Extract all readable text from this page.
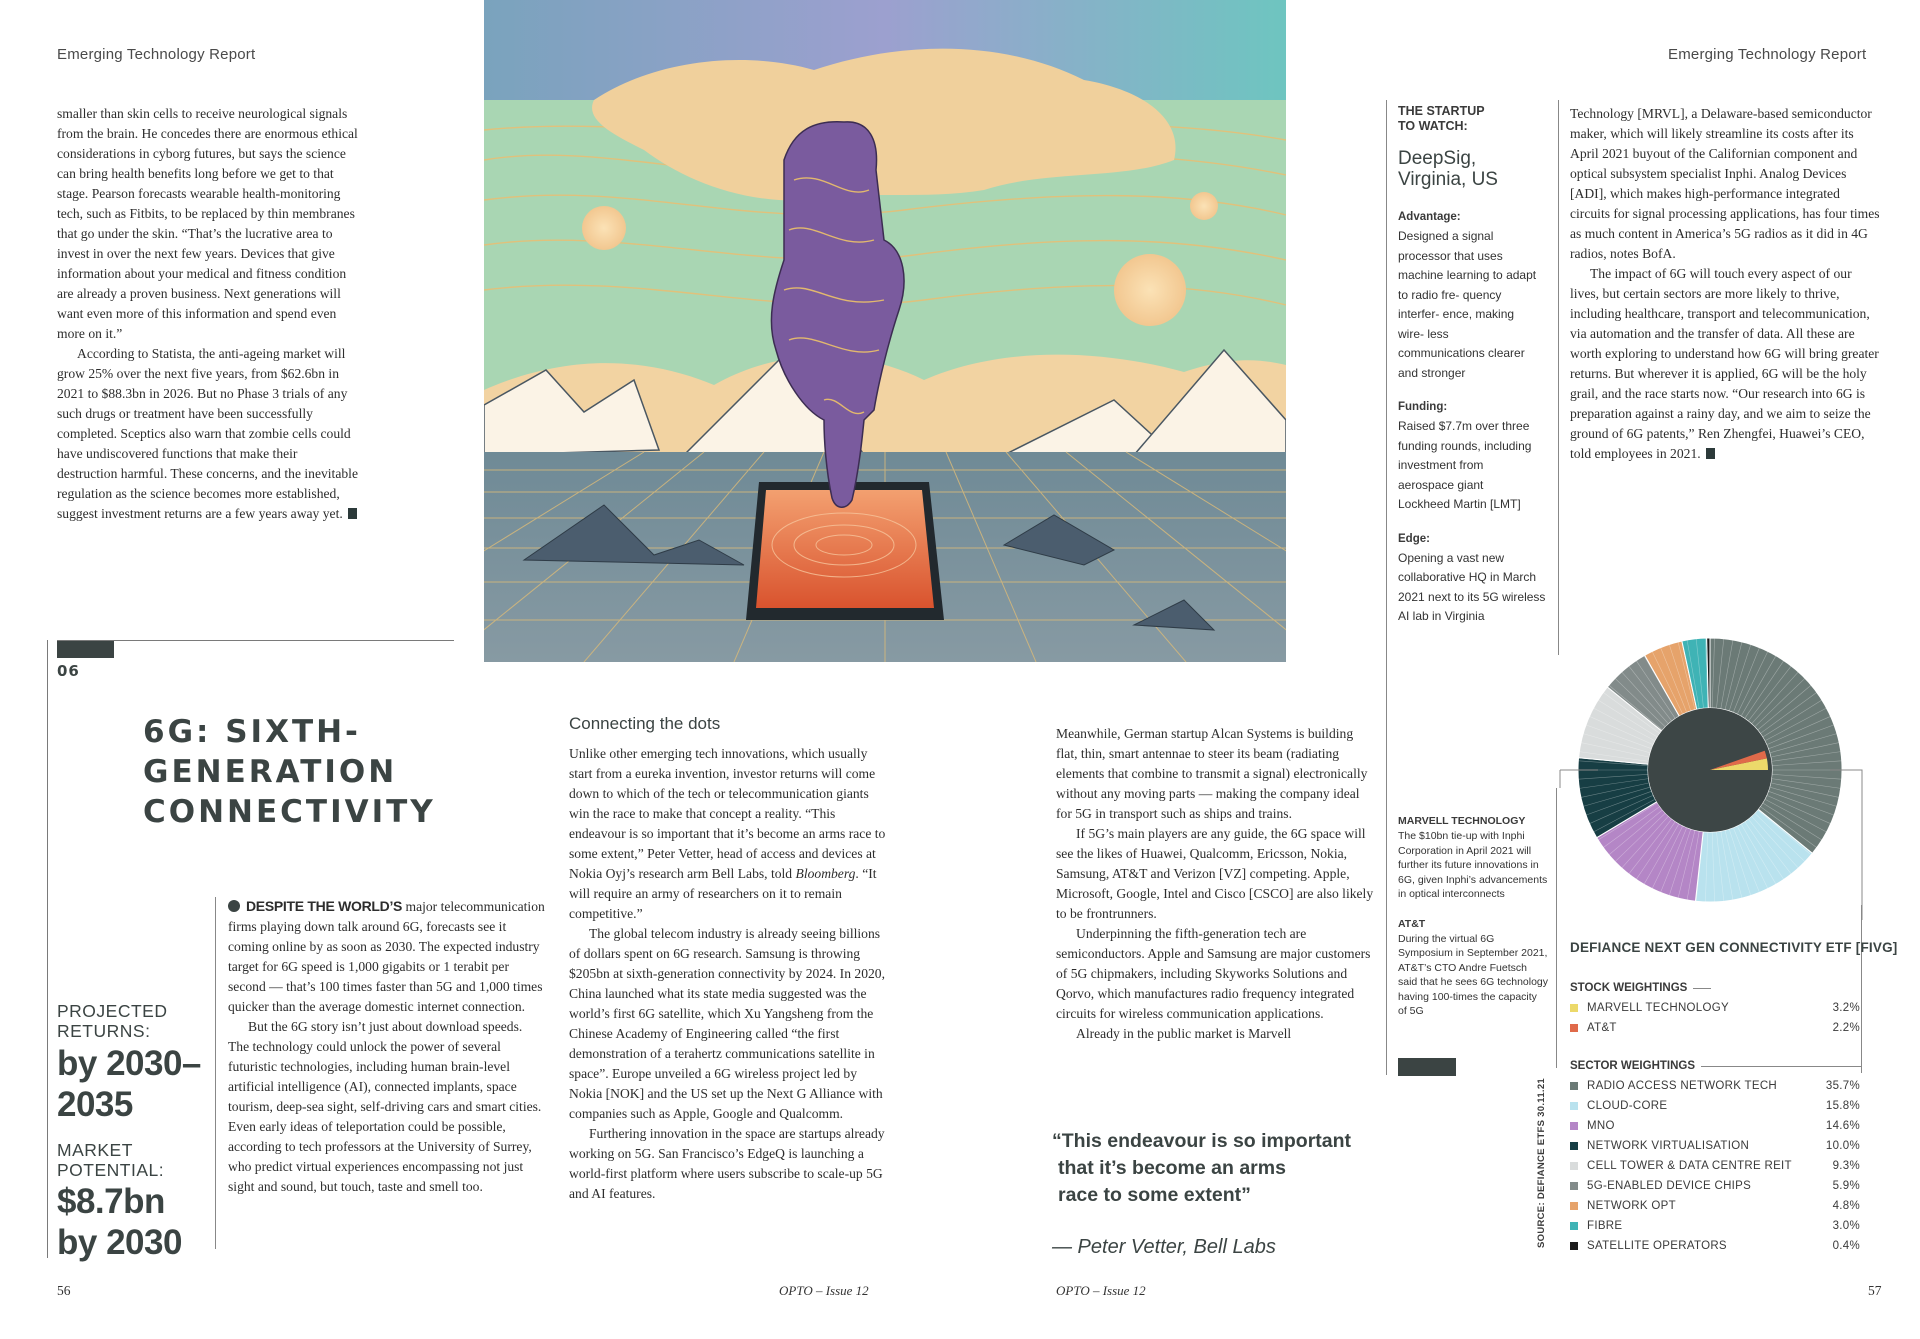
Emerging Technology Report	Emerging Technology Report

smaller than skin cells to receive neurological signals from the brain. He concedes there are enormous ethical considerations in cyborg futures, but says the science can bring health benefits long before we get to that stage. Pearson forecasts wearable health-monitoring tech, such as Fitbits, to be replaced by thin membranes that go under the skin. “That’s the lucrative area to invest in over the next few years. Devices that give information about your medical and fitness condition are already a proven business. Next generations will want even more of this information and spend even more on it.”

According to Statista, the anti-ageing market will grow 25% over the next five years, from $62.6bn in 2021 to $88.3bn in 2026. But no Phase 3 trials of any such drugs or treatment have been successfully completed. Sceptics also warn that zombie cells could have undiscovered functions that make their destruction harmful. These concerns, and the inevitable regulation as the science becomes more established, suggest investment returns are a few years away yet.

06
6G: SIXTH-
GENERATION
CONNECTIVITY
PROJECTED
RETURNS:
by 2030–
2035
MARKET
POTENTIAL:
$8.7bn
by 2030

DESPITE THE WORLD’S major telecommunication firms playing down talk around 6G, forecasts see it coming online by as soon as 2030. The expected industry target for 6G speed is 1,000 gigabits or 1 terabit per second — that’s 100 times faster than 5G and 1,000 times quicker than the average domestic internet connection.

But the 6G story isn’t just about download speeds. The technology could unlock the power of several futuristic technologies, including human brain-level artificial intelligence (AI), connected implants, space tourism, deep-sea sight, self-driving cars and smart cities. Even early ideas of teleportation could be possible, according to tech professors at the University of Surrey, who predict virtual experiences encompassing not just sight and sound, but touch, taste and smell too.

Connecting the dots

Unlike other emerging tech innovations, which usually start from a eureka invention, investor returns will come down to which of the tech or telecommunication giants win the race to make that concept a reality. “This endeavour is so important that it’s become an arms race to some extent,” Peter Vetter, head of access and devices at Nokia Oyj’s research arm Bell Labs, told Bloomberg. “It will require an army of researchers on it to remain competitive.”

The global telecom industry is already seeing billions of dollars spent on 6G research. Samsung is throwing $205bn at sixth-generation connectivity by 2024. In 2020, China launched what its state media suggested was the world’s first 6G satellite, which Xu Yangsheng from the Chinese Academy of Engineering called “the first demonstration of a terahertz communications satellite in space”. Europe unveiled a 6G wireless project led by Nokia [NOK] and the US set up the Next G Alliance with companies such as Apple, Google and Qualcomm.

Furthering innovation in the space are startups already working on 5G. San Francisco’s EdgeQ is launching a world-first platform where users subscribe to scale-up 5G and AI features.

Meanwhile, German startup Alcan Systems is building flat, thin, smart antennae to steer its beam (radiating elements that combine to transmit a signal) electronically without any moving parts — making the company ideal for 5G in transport such as ships and trains.

If 5G’s main players are any guide, the 6G space will see the likes of Huawei, Qualcomm, Ericsson, Nokia, Samsung, AT&T and Verizon [VZ] competing. Apple, Microsoft, Google, Intel and Cisco [CSCO] are also likely to be frontrunners.

Underpinning the fifth-generation tech are semiconductors. Apple and Samsung are major customers of 5G chipmakers, including Skyworks Solutions and Qorvo, which manufactures radio frequency integrated circuits for wireless communication applications.

Already in the public market is Marvell

“This endeavour is so important
that it’s become an arms
race to some extent”
— Peter Vetter, Bell Labs
THE STARTUP
TO WATCH:
DeepSig,
Virginia, US
Advantage:
Designed a signal processor that uses machine learning to adapt to radio fre- quency interfer- ence, making wire- less communications clearer and stronger
Funding:
Raised $7.7m over three funding rounds, including investment from aerospace giant Lockheed Martin [LMT]
Edge:
Opening a vast new collaborative HQ in March 2021 next to its 5G wireless AI lab in Virginia
MARVELL TECHNOLOGY
The $10bn tie-up with Inphi Corporation in April 2021 will further its future innovations in 6G, given Inphi’s advancements in optical interconnects
AT&T
During the virtual 6G Symposium in September 2021, AT&T’s CTO Andre Fuetsch said that he sees 6G technology having 100-times the capacity of 5G

Technology [MRVL], a Delaware-based semiconductor maker, which will likely streamline its costs after its April 2021 buyout of the Californian component and optical subsystem specialist Inphi. Analog Devices [ADI], which makes high-performance integrated circuits for signal processing applications, has four times as much content in America’s 5G radios as it did in 4G radios, notes BofA.

The impact of 6G will touch every aspect of our lives, but certain sectors are more likely to thrive, including healthcare, transport and telecommunication, via automation and the transfer of data. All these are worth exploring to understand how 6G will bring greater returns. But wherever it is applied, 6G will be the holy grail, and the race starts now. “Our research into 6G is preparation against a rainy day, and we aim to seize the ground of 6G patents,” Ren Zhengfei, Huawei’s CEO, told employees in 2021.

DEFIANCE NEXT GEN CONNECTIVITY ETF [FIVG]
STOCK WEIGHTINGS
MARVELL TECHNOLOGY	3.2%
AT&T	2.2%
SECTOR WEIGHTINGS
RADIO ACCESS NETWORK TECH	35.7%
CLOUD-CORE	15.8%
MNO	14.6%
NETWORK VIRTUALISATION	10.0%
CELL TOWER & DATA CENTRE REIT	9.3%
5G-ENABLED DEVICE CHIPS	5.9%
NETWORK OPT	4.8%
FIBRE	3.0%
SATELLITE OPERATORS	0.4%
SOURCE: DEFIANCE ETFS 30.11.21
56	OPTO – Issue 12	OPTO – Issue 12	57
